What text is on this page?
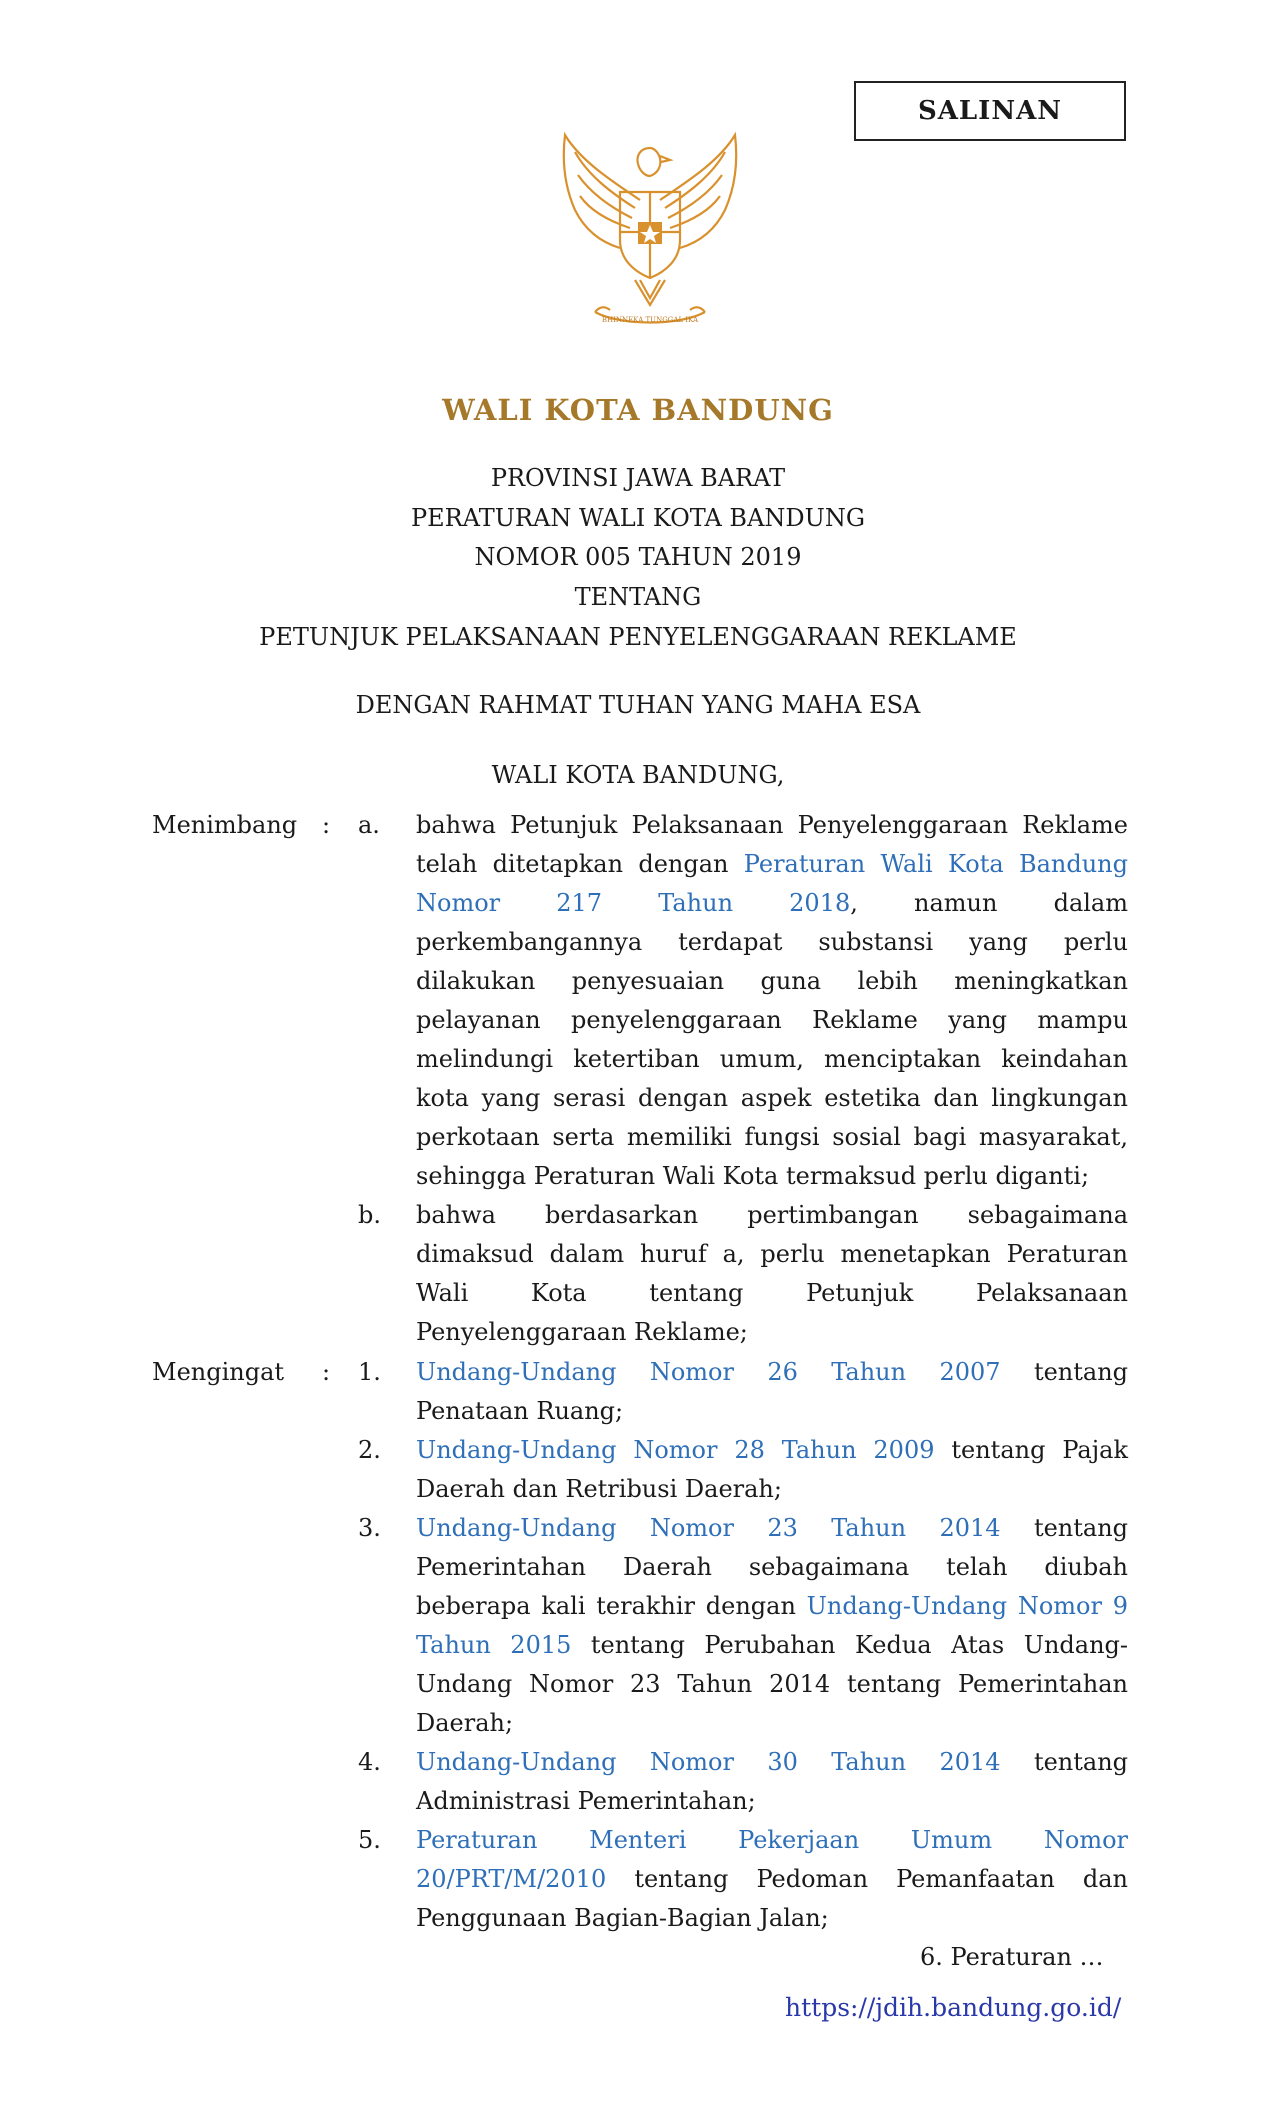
SALINAN
BHINNEKA TUNGGAL IKA
WALI KOTA BANDUNG
PROVINSI JAWA BARAT
PERATURAN WALI KOTA BANDUNG
NOMOR 005 TAHUN 2019
TENTANG
PETUNJUK PELAKSANAAN PENYELENGGARAAN REKLAME
DENGAN RAHMAT TUHAN YANG MAHA ESA
WALI KOTA BANDUNG,
Menimbang : a. bahwa Petunjuk Pelaksanaan Penyelenggaraan Reklame
telah ditetapkan dengan Peraturan Wali Kota Bandung
Nomor 217 Tahun 2018, namun dalam
perkembangannya terdapat substansi yang perlu
dilakukan penyesuaian guna lebih meningkatkan
pelayanan penyelenggaraan Reklame yang mampu
melindungi ketertiban umum, menciptakan keindahan
kota yang serasi dengan aspek estetika dan lingkungan
perkotaan serta memiliki fungsi sosial bagi masyarakat,
sehingga Peraturan Wali Kota termaksud perlu diganti;
b. bahwa berdasarkan pertimbangan sebagaimana
dimaksud dalam huruf a, perlu menetapkan Peraturan
Wali Kota tentang Petunjuk Pelaksanaan
Penyelenggaraan Reklame;
Mengingat : 1. Undang-Undang Nomor 26 Tahun 2007 tentang
Penataan Ruang;
2. Undang-Undang Nomor 28 Tahun 2009 tentang Pajak
Daerah dan Retribusi Daerah;
3. Undang-Undang Nomor 23 Tahun 2014 tentang
Pemerintahan Daerah sebagaimana telah diubah
beberapa kali terakhir dengan Undang-Undang Nomor 9
Tahun 2015 tentang Perubahan Kedua Atas Undang-
Undang Nomor 23 Tahun 2014 tentang Pemerintahan
Daerah;
4. Undang-Undang Nomor 30 Tahun 2014 tentang
Administrasi Pemerintahan;
5. Peraturan Menteri Pekerjaan Umum Nomor
20/PRT/M/2010 tentang Pedoman Pemanfaatan dan
Penggunaan Bagian-Bagian Jalan;
6. Peraturan …
https://jdih.bandung.go.id/
